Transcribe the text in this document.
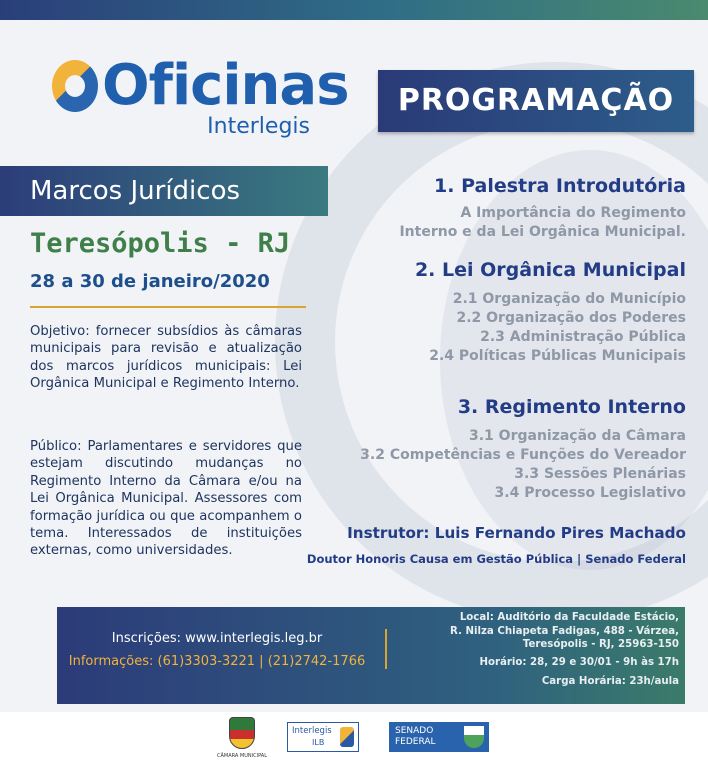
Oficinas
Interlegis
PROGRAMAÇÃO
Marcos Jurídicos
Teresópolis - RJ
28 a 30 de janeiro/2020
Objetivo: fornecer subsídios às câmaras municipais para revisão e atualização dos marcos jurídicos municipais: Lei Orgânica Municipal e Regimento Interno.
Público: Parlamentares e servidores que estejam discutindo mudanças no Regimento Interno da Câmara e/ou na Lei Orgânica Municipal. Assessores com formação jurídica ou que acompanhem o tema. Interessados de instituições externas, como universidades.
1. Palestra Introdutória
A Importância do Regimento
Interno e da Lei Orgânica Municipal.
2. Lei Orgânica Municipal
2.1 Organização do Município
2.2 Organização dos Poderes
2.3 Administração Pública
2.4 Políticas Públicas Municipais
3. Regimento Interno
3.1 Organização da Câmara
3.2 Competências e Funções do Vereador
3.3 Sessões Plenárias
3.4 Processo Legislativo
Instrutor: Luis Fernando Pires Machado
Doutor Honoris Causa em Gestão Pública | Senado Federal
Inscrições: www.interlegis.leg.br
Informações: (61)3303-3221 | (21)2742-1766
Local: Auditório da Faculdade Estácio,
R. Nilza Chiapeta Fadigas, 488 - Várzea,
Teresópolis - RJ, 25963-150
Horário: 28, 29 e 30/01 - 9h às 17h
Carga Horária: 23h/aula
CÂMARA MUNICIPAL
Interlegis
ILB
SENADO
FEDERAL
